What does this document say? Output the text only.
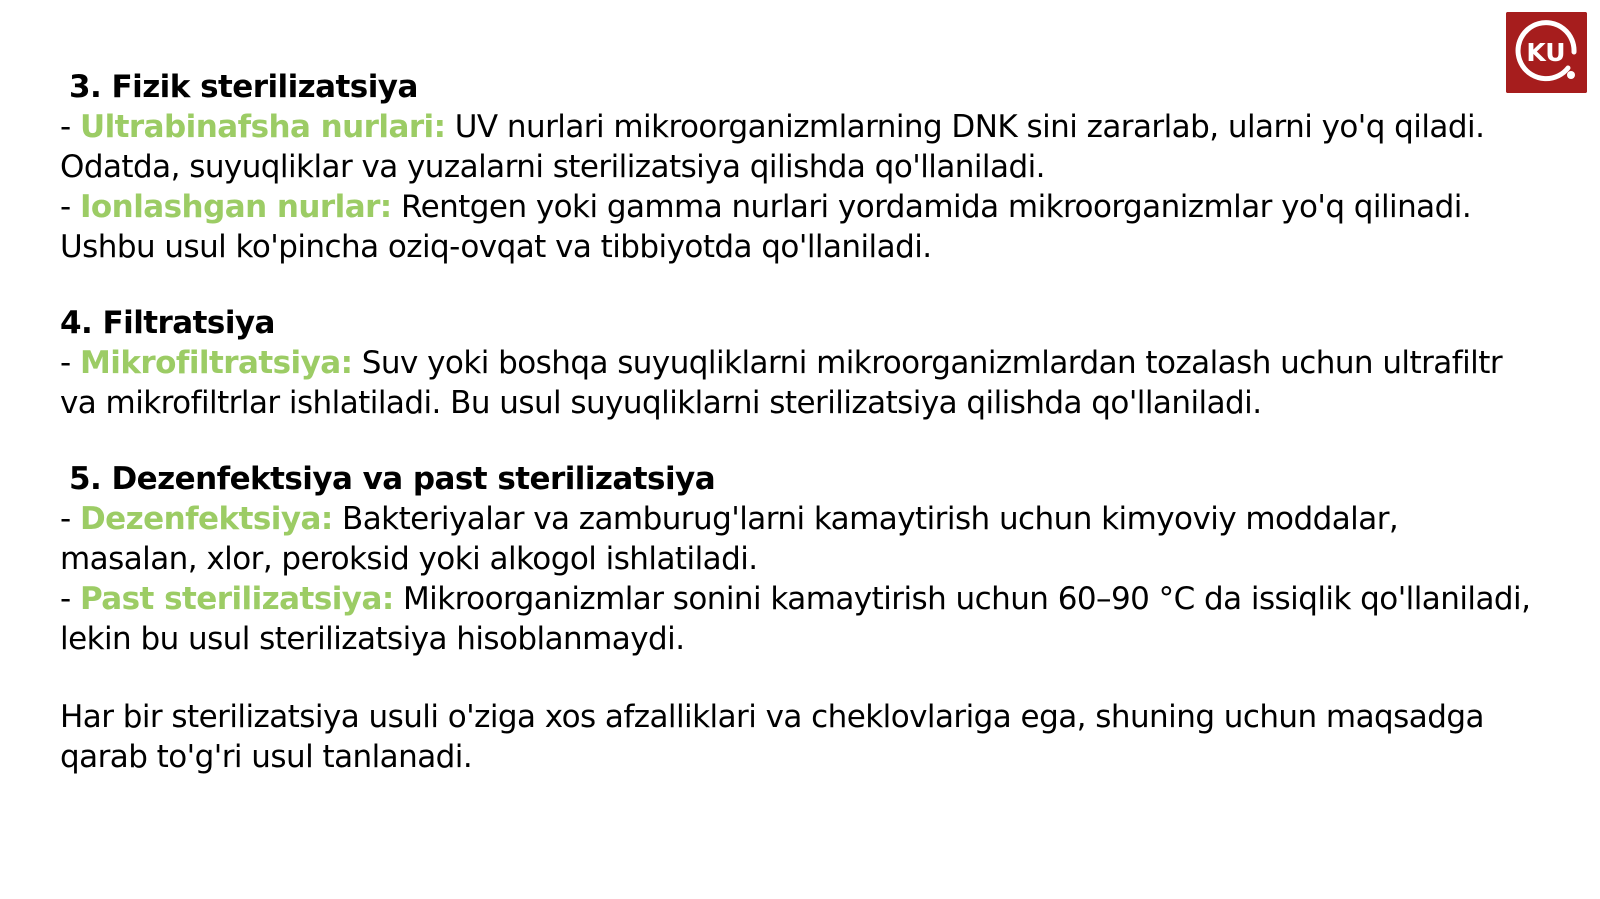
KU

3. Fizik sterilizatsiya

- Ultrabinafsha nurlari: UV nurlari mikroorganizmlarning DNK sini zararlab, ularni yo'q qiladi. Odatda, suyuqliklar va yuzalarni sterilizatsiya qilishda qo'llaniladi.

- Ionlashgan nurlar: Rentgen yoki gamma nurlari yordamida mikroorganizmlar yo'q qilinadi. Ushbu usul ko'pincha oziq-ovqat va tibbiyotda qo'llaniladi.

4. Filtratsiya

- Mikrofiltratsiya: Suv yoki boshqa suyuqliklarni mikroorganizmlardan tozalash uchun ultrafiltr va mikrofiltrlar ishlatiladi. Bu usul suyuqliklarni sterilizatsiya qilishda qo'llaniladi.

5. Dezenfektsiya va past sterilizatsiya

- Dezenfektsiya: Bakteriyalar va zamburug'larni kamaytirish uchun kimyoviy moddalar, masalan, xlor, peroksid yoki alkogol ishlatiladi.

- Past sterilizatsiya: Mikroorganizmlar sonini kamaytirish uchun 60–90 °C da issiqlik qo'llaniladi, lekin bu usul sterilizatsiya hisoblanmaydi.

Har bir sterilizatsiya usuli o'ziga xos afzalliklari va cheklovlariga ega, shuning uchun maqsadga qarab to'g'ri usul tanlanadi.
